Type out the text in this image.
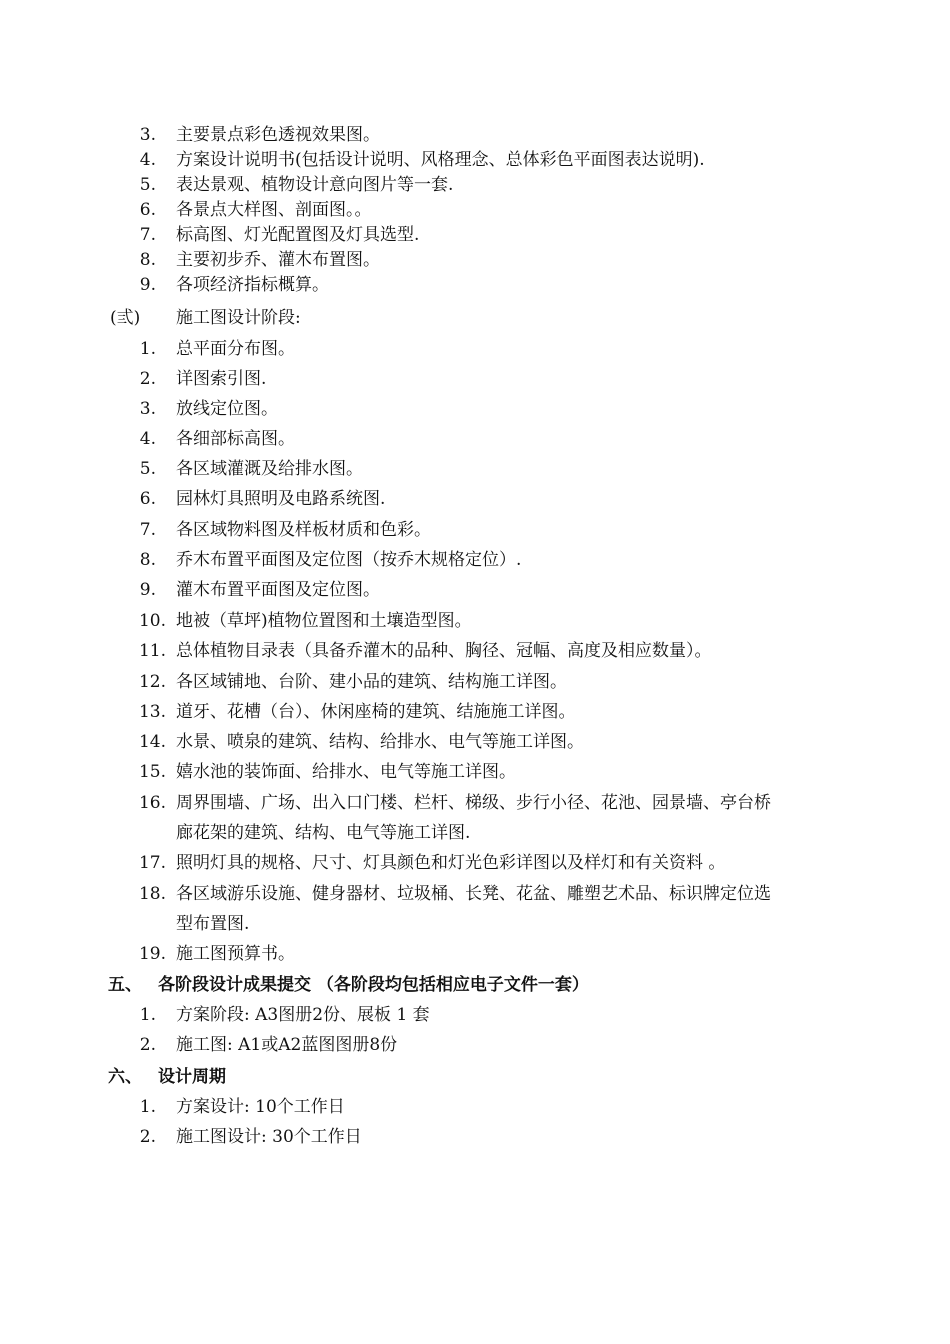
3. 主要景点彩色透视效果图。
4. 方案设计说明书(包括设计说明、风格理念、总体彩色平面图表达说明).
5. 表达景观、植物设计意向图片等一套.
6. 各景点大样图、剖面图。。
7. 标高图、灯光配置图及灯具选型.
8. 主要初步乔、灌木布置图。
9. 各项经济指标概算。
(弎) 施工图设计阶段:
1. 总平面分布图。
2. 详图索引图.
3. 放线定位图。
4. 各细部标高图。
5. 各区域灌溉及给排水图。
6. 园林灯具照明及电路系统图.
7. 各区域物料图及样板材质和色彩。
8. 乔木布置平面图及定位图（按乔木规格定位）.
9. 灌木布置平面图及定位图。
10. 地被（草坪)植物位置图和土壤造型图。
11. 总体植物目录表（具备乔灌木的品种、胸径、冠幅、高度及相应数量）。
12. 各区域铺地、台阶、建小品的建筑、结构施工详图。
13. 道牙、花槽（台）、休闲座椅的建筑、结施施工详图。
14. 水景、喷泉的建筑、结构、给排水、电气等施工详图。
15. 嬉水池的装饰面、给排水、电气等施工详图。
16. 周界围墙、广场、出入口门楼、栏杆、梯级、步行小径、花池、园景墙、亭台桥
廊花架的建筑、结构、电气等施工详图.
17. 照明灯具的规格、尺寸、灯具颜色和灯光色彩详图以及样灯和有关资料 。
18. 各区域游乐设施、健身器材、垃圾桶、长凳、花盆、雕塑艺术品、标识牌定位选
型布置图.
19. 施工图预算书。
五、 各阶段设计成果提交 （各阶段均包括相应电子文件一套）
1. 方案阶段: A3图册2份、展板 1 套
2. 施工图: A1或A2蓝图图册8份
六、 设计周期
1. 方案设计: 10个工作日
2. 施工图设计: 30个工作日
